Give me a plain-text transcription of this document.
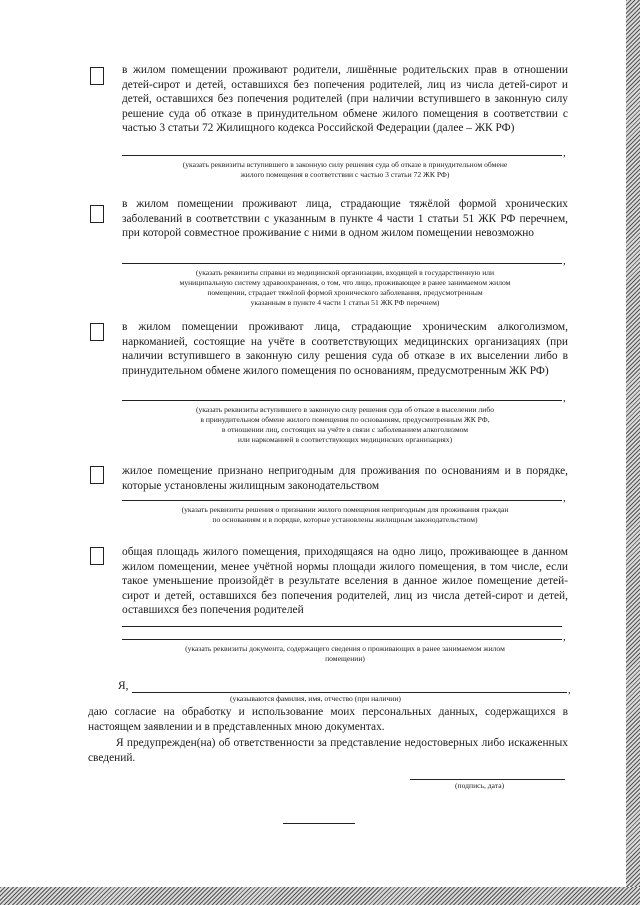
в жилом помещении проживают родители, лишённые родительских прав в отношении детей-сирот и детей, оставшихся без попечения родителей, лиц из числа детей-сирот и детей, оставшихся без попечения родителей (при наличии вступившего в законную силу решение суда об отказе в принудительном обмене жилого помещения в соответствии с частью 3 статьи 72 Жилищного кодекса Российской Федерации (далее – ЖК РФ)
,
(указать реквизиты вступившего в законную силу решения суда об отказе в принудительном обмене
жилого помещения в соответствии с частью 3 статьи 72 ЖК РФ)
в жилом помещении проживают лица, страдающие тяжёлой формой хронических заболеваний в соответствии с указанным в пункте 4 части 1 статьи 51 ЖК РФ перечнем, при которой совместное проживание с ними в одном жилом помещении невозможно
,
(указать реквизиты справки из медицинской организации, входящей в государственную или
муниципальную систему здравоохранения, о том, что лицо, проживающее в ранее занимаемом жилом
помещении, страдает тяжёлой формой хронического заболевания, предусмотренным
указанным в пункте 4 части 1 статьи 51 ЖК РФ перечнем)
в жилом помещении проживают лица, страдающие хроническим алкоголизмом, наркоманией, состоящие на учёте в соответствующих медицинских организациях (при наличии вступившего в законную силу решения суда об отказе в их выселении либо в принудительном обмене жилого помещения по основаниям, предусмотренным ЖК РФ)
,
(указать реквизиты вступившего в законную силу решения суда об отказе в выселении либо
в принудительном обмене жилого помещения по основаниям, предусмотренным ЖК РФ,
в отношении лиц, состоящих на учёте в связи с заболеванием алкоголизмом
или наркоманией в соответствующих медицинских организациях)
жилое помещение признано непригодным для проживания по основаниям и в порядке, которые установлены жилищным законодательством
,
(указать реквизиты решения о признании жилого помещения непригодным для проживания граждан
по основаниям и в порядке, которые установлены жилищным законодательством)
общая площадь жилого помещения, приходящаяся на одно лицо, проживающее в данном жилом помещении, менее учётной нормы площади жилого помещения, в том числе, если такое уменьшение произойдёт в результате вселения в данное жилое помещение детей-сирот и детей, оставшихся без попечения родителей, лиц из числа детей-сирот и детей, оставшихся без попечения родителей
,
(указать реквизиты документа, содержащего сведения о проживающих в ранее занимаемом жилом
помещении)
Я,	,
(указываются фамилия, имя, отчество (при наличии)
даю согласие на обработку и использование моих персональных данных, содержащихся в настоящем заявлении и в представленных мною документах.
Я предупрежден(на) об ответственности за представление недостоверных либо искаженных сведений.
(подпись, дата)
